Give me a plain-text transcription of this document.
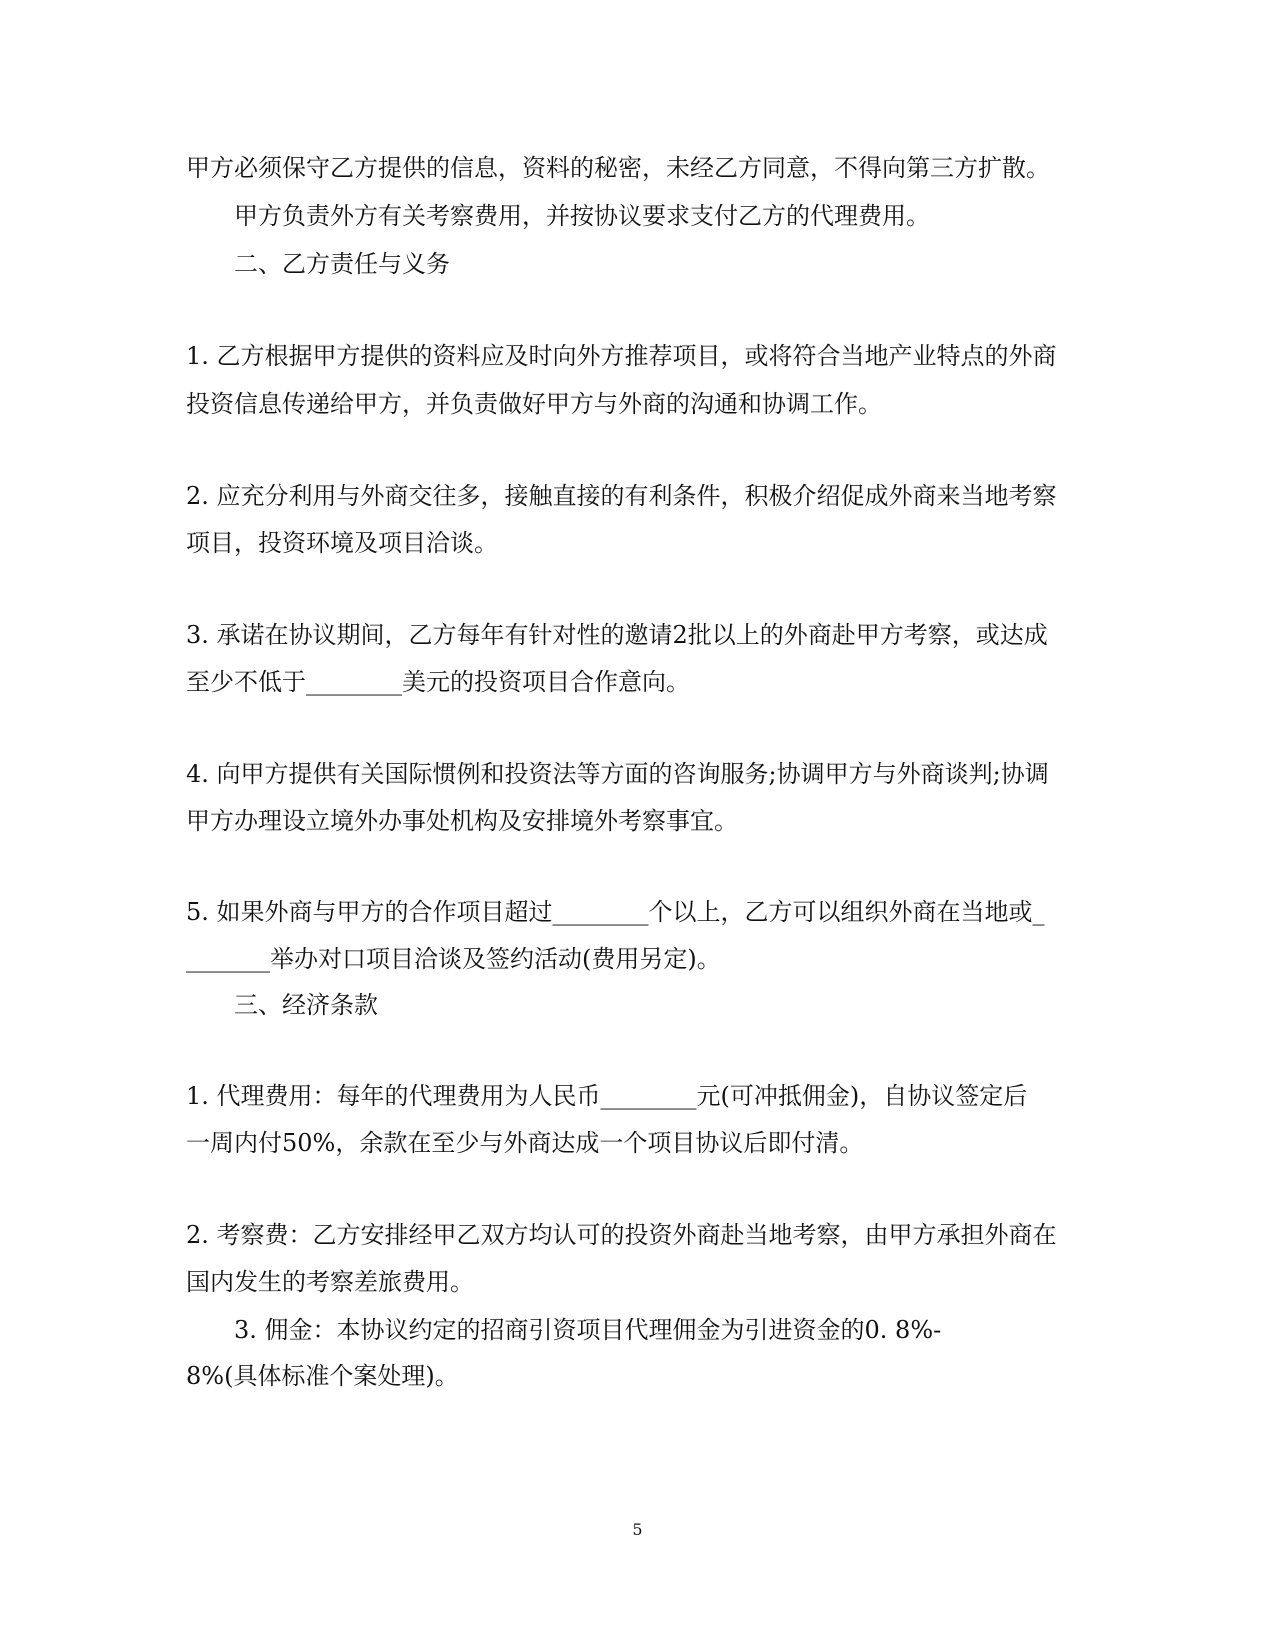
甲方必须保守乙方提供的信息，资料的秘密，未经乙方同意，不得向第三方扩散。
甲方负责外方有关考察费用，并按协议要求支付乙方的代理费用。
二、乙方责任与义务
1. 乙方根据甲方提供的资料应及时向外方推荐项目，或将符合当地产业特点的外商
投资信息传递给甲方，并负责做好甲方与外商的沟通和协调工作。
2. 应充分利用与外商交往多，接触直接的有利条件，积极介绍促成外商来当地考察
项目，投资环境及项目洽谈。
3. 承诺在协议期间，乙方每年有针对性的邀请2批以上的外商赴甲方考察，或达成
至少不低于________美元的投资项目合作意向。
4. 向甲方提供有关国际惯例和投资法等方面的咨询服务;协调甲方与外商谈判;协调
甲方办理设立境外办事处机构及安排境外考察事宜。
5. 如果外商与甲方的合作项目超过________个以上，乙方可以组织外商在当地或_
_______举办对口项目洽谈及签约活动(费用另定)。
三、经济条款
1. 代理费用：每年的代理费用为人民币________元(可冲抵佣金)，自协议签定后
一周内付50%，余款在至少与外商达成一个项目协议后即付清。
2. 考察费：乙方安排经甲乙双方均认可的投资外商赴当地考察，由甲方承担外商在
国内发生的考察差旅费用。
3. 佣金：本协议约定的招商引资项目代理佣金为引进资金的0. 8%-
8%(具体标准个案处理)。
5
